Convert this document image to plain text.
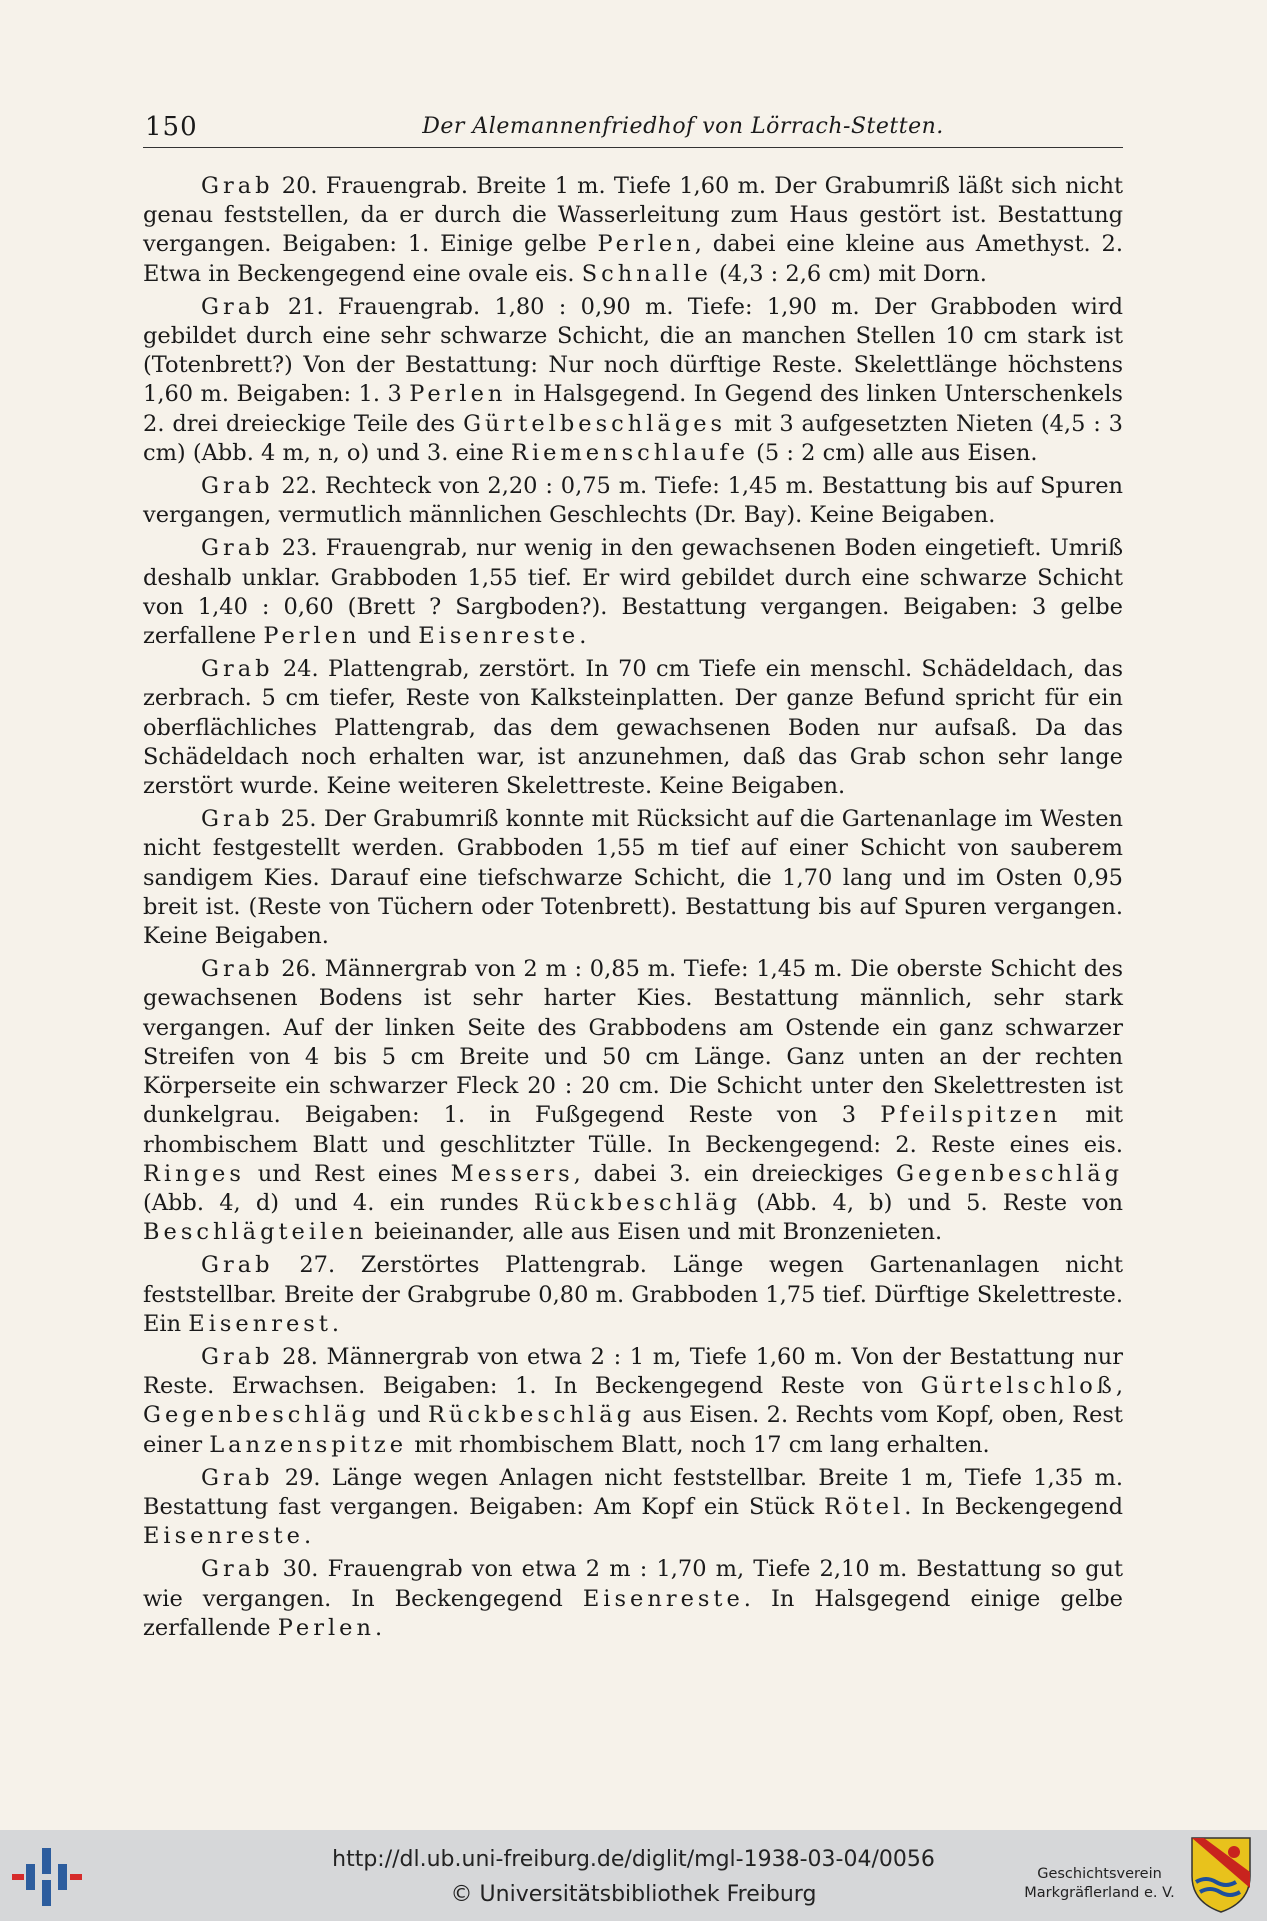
150	Der Alemannenfriedhof von Lörrach-Stetten.

Grab 20. Frauengrab. Breite 1 m. Tiefe 1,60 m. Der Grabumriß läßt sich nicht genau feststellen, da er durch die Wasserleitung zum Haus gestört ist. Bestattung vergangen. Beigaben: 1. Einige gelbe Perlen, dabei eine kleine aus Amethyst. 2. Etwa in Beckengegend eine ovale eis. Schnalle (4,3 : 2,6 cm) mit Dorn.

Grab 21. Frauengrab. 1,80 : 0,90 m. Tiefe: 1,90 m. Der Grabboden wird gebildet durch eine sehr schwarze Schicht, die an manchen Stellen 10 cm stark ist (Totenbrett?) Von der Bestattung: Nur noch dürftige Reste. Skelettlänge höchstens 1,60 m. Beigaben: 1. 3 Perlen in Halsgegend. In Gegend des linken Unterschenkels 2. drei dreieckige Teile des Gürtelbeschläges mit 3 aufgesetzten Nieten (4,5 : 3 cm) (Abb. 4 m, n, o) und 3. eine Riemenschlaufe (5 : 2 cm) alle aus Eisen.

Grab 22. Rechteck von 2,20 : 0,75 m. Tiefe: 1,45 m. Bestattung bis auf Spuren vergangen, vermutlich männlichen Geschlechts (Dr. Bay). Keine Beigaben.

Grab 23. Frauengrab, nur wenig in den gewachsenen Boden eingetieft. Umriß deshalb unklar. Grabboden 1,55 tief. Er wird gebildet durch eine schwarze Schicht von 1,40 : 0,60 (Brett ? Sargboden?). Bestattung vergangen. Beigaben: 3 gelbe zerfallene Perlen und Eisenreste.

Grab 24. Plattengrab, zerstört. In 70 cm Tiefe ein menschl. Schädeldach, das zerbrach. 5 cm tiefer, Reste von Kalksteinplatten. Der ganze Befund spricht für ein oberflächliches Plattengrab, das dem gewachsenen Boden nur aufsaß. Da das Schädeldach noch erhalten war, ist anzunehmen, daß das Grab schon sehr lange zerstört wurde. Keine weiteren Skelettreste. Keine Beigaben.

Grab 25. Der Grabumriß konnte mit Rücksicht auf die Gartenanlage im Westen nicht festgestellt werden. Grabboden 1,55 m tief auf einer Schicht von sauberem sandigem Kies. Darauf eine tiefschwarze Schicht, die 1,70 lang und im Osten 0,95 breit ist. (Reste von Tüchern oder Totenbrett). Bestattung bis auf Spuren vergangen. Keine Beigaben.

Grab 26. Männergrab von 2 m : 0,85 m. Tiefe: 1,45 m. Die oberste Schicht des gewachsenen Bodens ist sehr harter Kies. Bestattung männlich, sehr stark vergangen. Auf der linken Seite des Grabbodens am Ostende ein ganz schwarzer Streifen von 4 bis 5 cm Breite und 50 cm Länge. Ganz unten an der rechten Körperseite ein schwarzer Fleck 20 : 20 cm. Die Schicht unter den Skelettresten ist dunkelgrau. Beigaben: 1. in Fußgegend Reste von 3 Pfeilspitzen mit rhombischem Blatt und geschlitzter Tülle. In Beckengegend: 2. Reste eines eis. Ringes und Rest eines Messers, dabei 3. ein dreieckiges Gegenbeschläg (Abb. 4, d) und 4. ein rundes Rückbeschläg (Abb. 4, b) und 5. Reste von Beschlägteilen beieinander, alle aus Eisen und mit Bronzenieten.

Grab 27. Zerstörtes Plattengrab. Länge wegen Gartenanlagen nicht feststellbar. Breite der Grabgrube 0,80 m. Grabboden 1,75 tief. Dürftige Skelettreste. Ein Eisenrest.

Grab 28. Männergrab von etwa 2 : 1 m, Tiefe 1,60 m. Von der Bestattung nur Reste. Erwachsen. Beigaben: 1. In Beckengegend Reste von Gürtelschloß, Gegenbeschläg und Rückbeschläg aus Eisen. 2. Rechts vom Kopf, oben, Rest einer Lanzenspitze mit rhombischem Blatt, noch 17 cm lang erhalten.

Grab 29. Länge wegen Anlagen nicht feststellbar. Breite 1 m, Tiefe 1,35 m. Bestattung fast vergangen. Beigaben: Am Kopf ein Stück Rötel. In Beckengegend Eisenreste.

Grab 30. Frauengrab von etwa 2 m : 1,70 m, Tiefe 2,10 m. Bestattung so gut wie vergangen. In Beckengegend Eisenreste. In Halsgegend einige gelbe zerfallende Perlen.

http://dl.ub.uni-freiburg.de/diglit/mgl-1938-03-04/0056
© Universitätsbibliothek Freiburg
Geschichtsverein
Markgräflerland e. V.
